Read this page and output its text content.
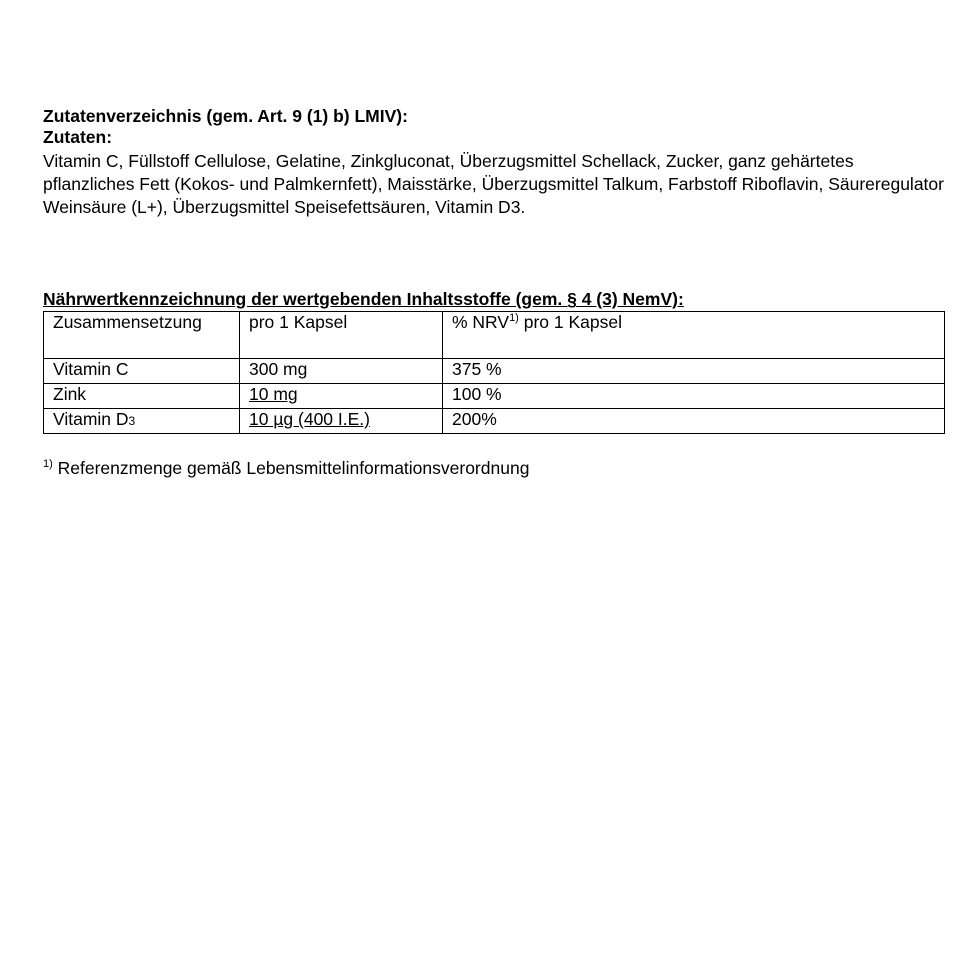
Zutatenverzeichnis (gem. Art. 9 (1) b) LMIV):

Zutaten:

Vitamin C, Füllstoff Cellulose, Gelatine, Zinkgluconat, Überzugsmittel Schellack, Zucker, ganz gehärtetes pflanzliches Fett (Kokos- und Palmkernfett), Maisstärke, Überzugsmittel Talkum, Farbstoff Riboflavin, Säureregulator Weinsäure (L+), Überzugsmittel Speisefettsäuren, Vitamin D3.

Nährwertkennzeichnung der wertgebenden Inhaltsstoffe (gem. § 4 (3) NemV):
Zusammensetzung	pro 1 Kapsel	% NRV$^{1)}$ pro 1 Kapsel
Vitamin C	300 mg	375 %
Zink	10 mg	100 %
Vitamin D3	10 µg (400 I.E.)	200%
$^{1)}$ Referenzmenge gemäß Lebensmittelinformationsverordnung
